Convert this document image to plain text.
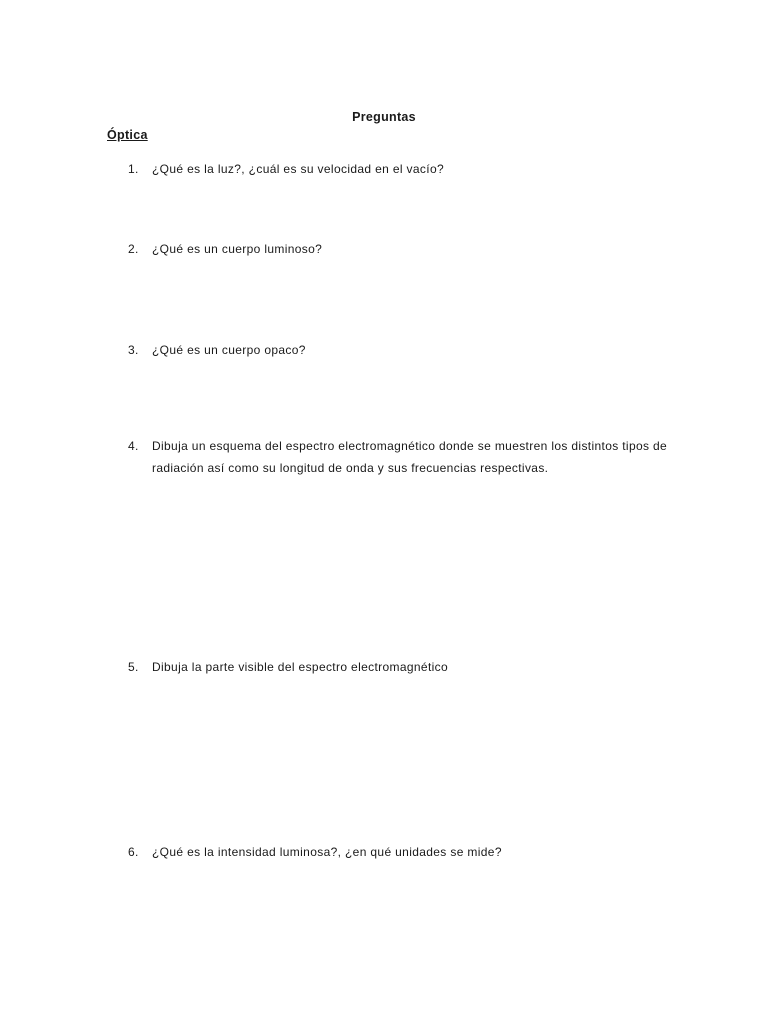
Preguntas
Óptica
1.	¿Qué es la luz?, ¿cuál es su velocidad en el vacío?
2.	¿Qué es un cuerpo luminoso?
3.	¿Qué es un cuerpo opaco?
4.	Dibuja un esquema del espectro electromagnético donde se muestren los distintos tipos de radiación así como su longitud de onda y sus frecuencias respectivas.
5.	Dibuja la parte visible del espectro electromagnético
6.	¿Qué es la intensidad luminosa?, ¿en qué unidades se mide?
